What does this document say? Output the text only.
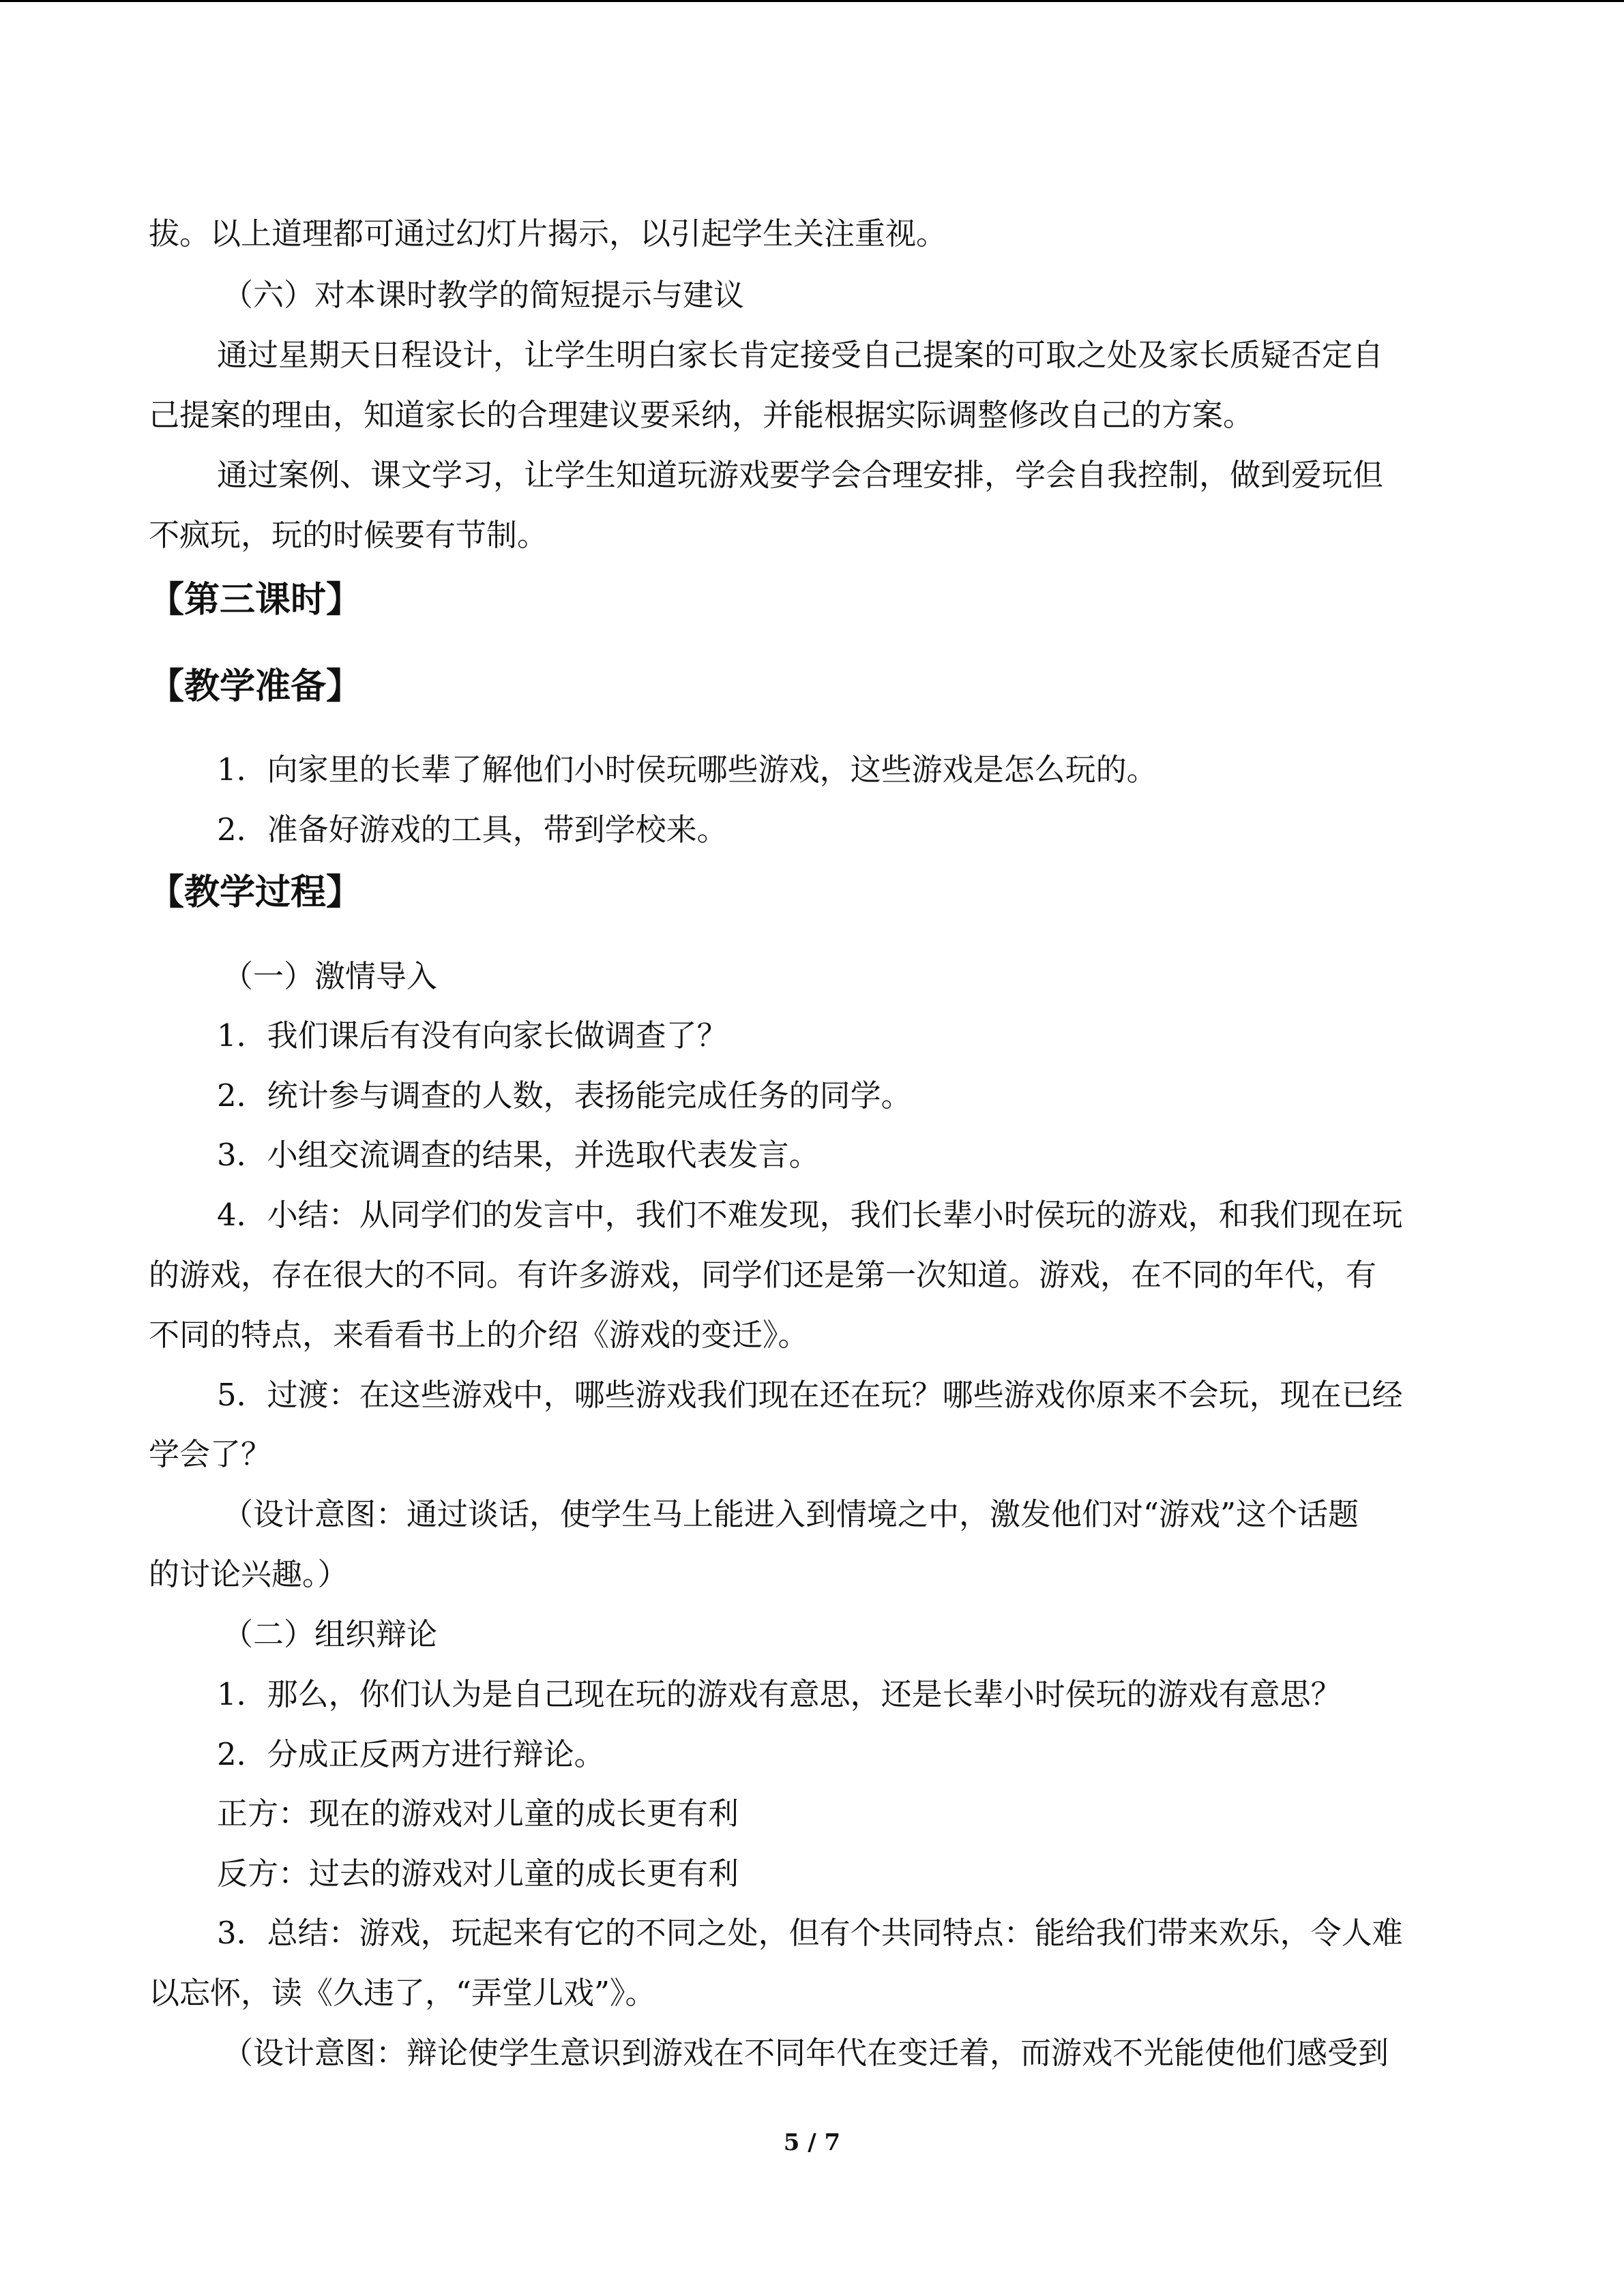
拔。以上道理都可通过幻灯片揭示，以引起学生关注重视。

（六）对本课时教学的简短提示与建议

通过星期天日程设计，让学生明白家长肯定接受自己提案的可取之处及家长质疑否定自

己提案的理由，知道家长的合理建议要采纳，并能根据实际调整修改自己的方案。

通过案例、课文学习，让学生知道玩游戏要学会合理安排，学会自我控制，做到爱玩但

不疯玩，玩的时候要有节制。

【第三课时】
【教学准备】

1．向家里的长辈了解他们小时侯玩哪些游戏，这些游戏是怎么玩的。

2．准备好游戏的工具，带到学校来。

【教学过程】

（一）激情导入

1．我们课后有没有向家长做调查了？

2．统计参与调查的人数，表扬能完成任务的同学。

3．小组交流调查的结果，并选取代表发言。

4．小结：从同学们的发言中，我们不难发现，我们长辈小时侯玩的游戏，和我们现在玩

的游戏，存在很大的不同。有许多游戏，同学们还是第一次知道。游戏，在不同的年代，有

不同的特点，来看看书上的介绍《游戏的变迁》。

5．过渡：在这些游戏中，哪些游戏我们现在还在玩？哪些游戏你原来不会玩，现在已经

学会了？

（设计意图：通过谈话，使学生马上能进入到情境之中，激发他们对“游戏”这个话题

的讨论兴趣。）

（二）组织辩论

1．那么，你们认为是自己现在玩的游戏有意思，还是长辈小时侯玩的游戏有意思？

2．分成正反两方进行辩论。

正方：现在的游戏对儿童的成长更有利

反方：过去的游戏对儿童的成长更有利

3．总结：游戏，玩起来有它的不同之处，但有个共同特点：能给我们带来欢乐，令人难

以忘怀，读《久违了，“弄堂儿戏”》。

（设计意图：辩论使学生意识到游戏在不同年代在变迁着，而游戏不光能使他们感受到

5 / 7
